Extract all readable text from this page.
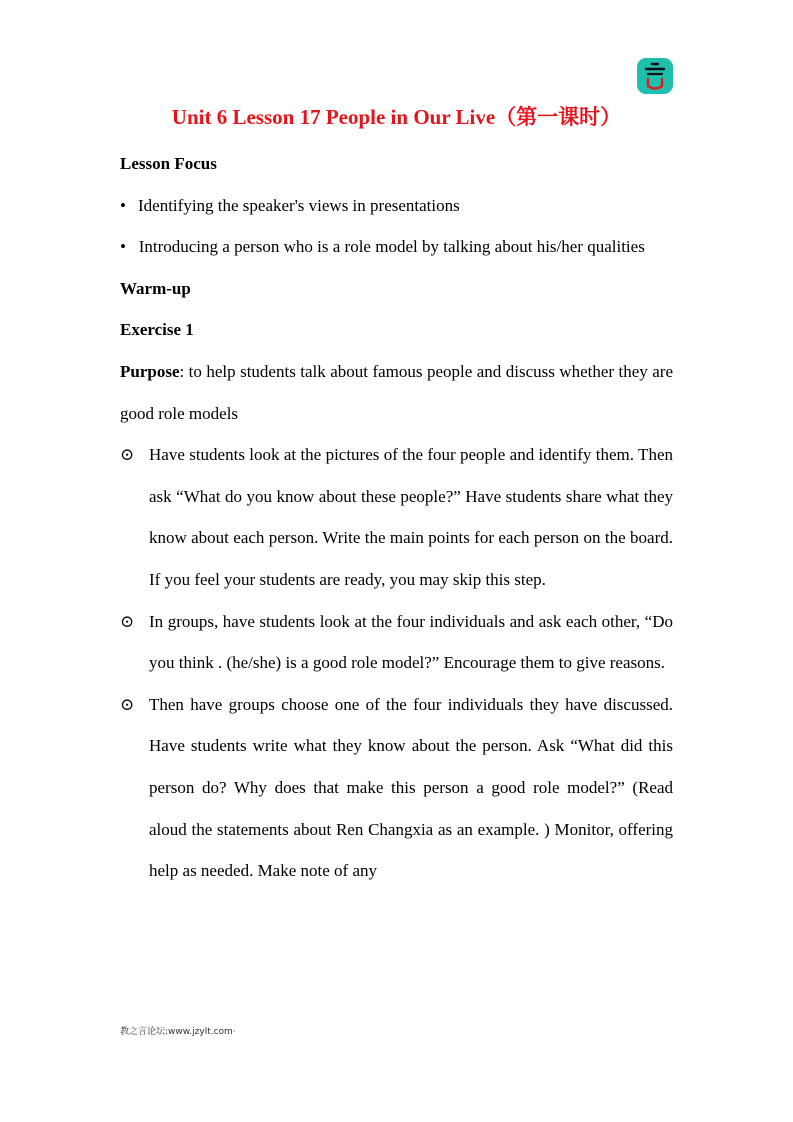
Unit 6 Lesson 17 People in Our Live（第一课时）

Lesson Focus

• Identifying the speaker's views in presentations

• Introducing a person who is a role model by talking about his/her qualities

Warm-up

Exercise 1

Purpose: to help students talk about famous people and discuss whether they are good role models

⊙ Have students look at the pictures of the four people and identify them. Then ask “What do you know about these people?” Have students share what they know about each person. Write the main points for each person on the board. If you feel your students are ready, you may skip this step.

⊙ In groups, have students look at the four individuals and ask each other, “Do you think . (he/she) is a good role model?” Encourage them to give reasons.

⊙ Then have groups choose one of the four individuals they have discussed. Have students write what they know about the person. Ask “What did this person do? Why does that make this person a good role model?” (Read aloud the statements about Ren Changxia as an example. ) Monitor, offering help as needed. Make note of any

教之言论坛:www.jzylt.com·
